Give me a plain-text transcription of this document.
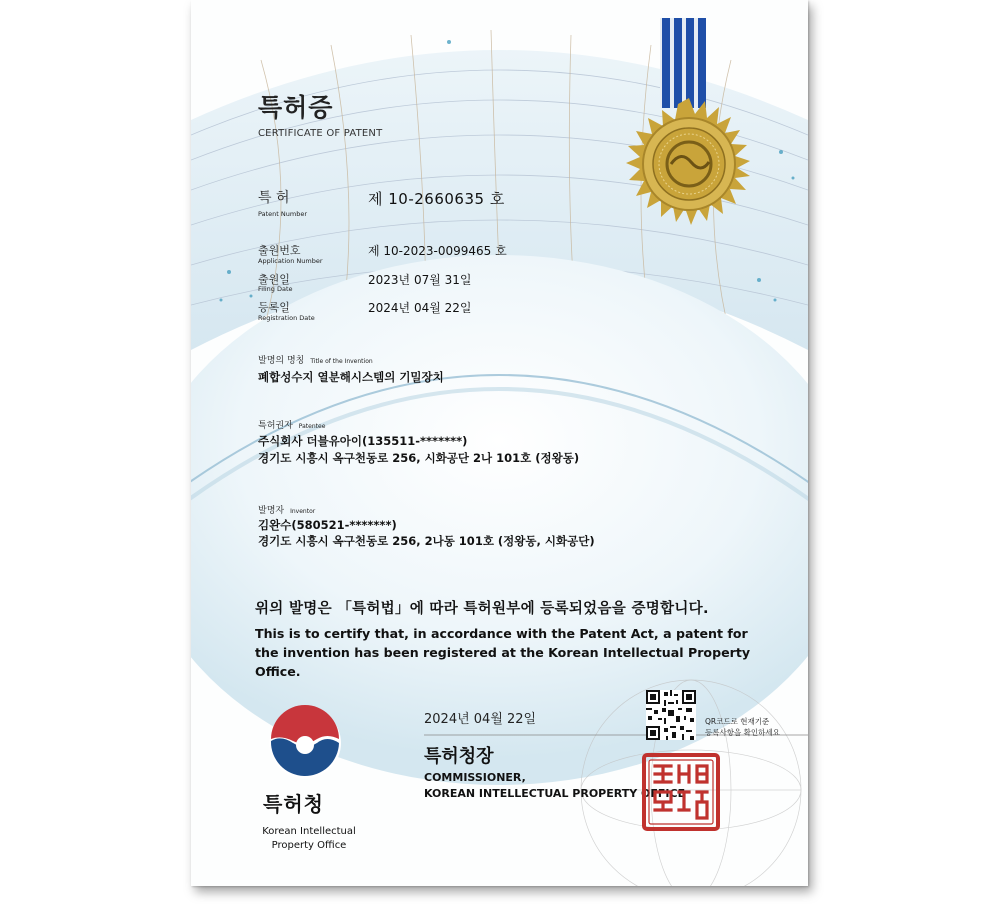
특허증
CERTIFICATE OF PATENT
특 허
Patent Number
제 10-2660635 호
출원번호
Application Number
제 10-2023-0099465 호
출원일
Filing Date
2023년 07월 31일
등록일
Registration Date
2024년 04월 22일
발명의 명칭 Title of the Invention
폐합성수지 열분해시스템의 기밀장치
특허권자 Patentee
주식회사 더블유아이(135511-*******)
경기도 시흥시 옥구천동로 256, 시화공단 2나 101호 (정왕동)
발명자 Inventor
김완수(580521-*******)
경기도 시흥시 옥구천동로 256, 2나동 101호 (정왕동, 시화공단)
위의 발명은 「특허법」에 따라 특허원부에 등록되었음을 증명합니다.
This is to certify that, in accordance with the Patent Act, a patent for the invention has been registered at the Korean Intellectual Property Office.
특허청
Korean Intellectual
Property Office
2024년 04월 22일
특허청장
COMMISSIONER,
KOREAN INTELLECTUAL PROPERTY OFFICE
QR코드로 현재기준
등록사항을 확인하세요
